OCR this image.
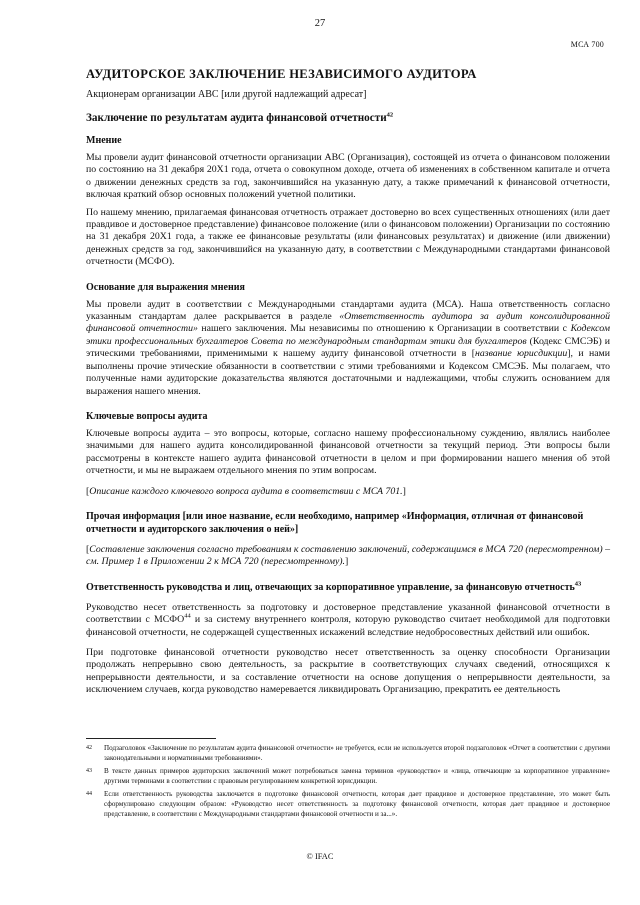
27
МСА 700
АУДИТОРСКОЕ ЗАКЛЮЧЕНИЕ НЕЗАВИСИМОГО АУДИТОРА
Акционерам организации АВС [или другой надлежащий адресат]
Заключение по результатам аудита финансовой отчетности$^{42}$
Мнение

Мы провели аудит финансовой отчетности организации АВС (Организация), состоящей из отчета о финансовом положении по состоянию на 31 декабря 20Х1 года, отчета о совокупном доходе, отчета об изменениях в собственном капитале и отчета о движении денежных средств за год, закончившийся на указанную дату, а также примечаний к финансовой отчетности, включая краткий обзор основных положений учетной политики.

По нашему мнению, прилагаемая финансовая отчетность отражает достоверно во всех существенных отношениях (или дает правдивое и достоверное представление) финансовое положение (или о финансовом положении) Организации по состоянию на 31 декабря 20Х1 года, а также ее финансовые результаты (или финансовых результатах) и движение (или движении) денежных средств за год, закончившийся на указанную дату, в соответствии с Международными стандартами финансовой отчетности (МСФО).

Основание для выражения мнения

Мы провели аудит в соответствии с Международными стандартами аудита (МСА). Наша ответственность согласно указанным стандартам далее раскрывается в разделе «Ответственность аудитора за аудит консолидированной финансовой отчетности» нашего заключения. Мы независимы по отношению к Организации в соответствии с Кодексом этики профессиональных бухгалтеров Совета по международным стандартам этики для бухгалтеров (Кодекс СМСЭБ) и этическими требованиями, применимыми к нашему аудиту финансовой отчетности в [название юрисдикции], и нами выполнены прочие этические обязанности в соответствии с этими требованиями и Кодексом СМСЭБ. Мы полагаем, что полученные нами аудиторские доказательства являются достаточными и надлежащими, чтобы служить основанием для выражения нашего мнения.

Ключевые вопросы аудита

Ключевые вопросы аудита – это вопросы, которые, согласно нашему профессиональному суждению, являлись наиболее значимыми для нашего аудита консолидированной финансовой отчетности за текущий период. Эти вопросы были рассмотрены в контексте нашего аудита финансовой отчетности в целом и при формировании нашего мнения об этой отчетности, и мы не выражаем отдельного мнения по этим вопросам.

[Описание каждого ключевого вопроса аудита в соответствии с МСА 701.]

Прочая информация [или иное название, если необходимо, например «Информация, отличная от финансовой отчетности и аудиторского заключения о ней»]

[Составление заключения согласно требованиям к составлению заключений, содержащимся в МСА 720 (пересмотренном) – см. Пример 1 в Приложении 2 к МСА 720 (пересмотренному).]

Ответственность руководства и лиц, отвечающих за корпоративное управление, за финансовую отчетность$^{43}$

Руководство несет ответственность за подготовку и достоверное представление указанной финансовой отчетности в соответствии с МСФО$^{44}$ и за систему внутреннего контроля, которую руководство считает необходимой для подготовки финансовой отчетности, не содержащей существенных искажений вследствие недобросовестных действий или ошибок.

При подготовке финансовой отчетности руководство несет ответственность за оценку способности Организации продолжать непрерывно свою деятельность, за раскрытие в соответствующих случаях сведений, относящихся к непрерывности деятельности, и за составление отчетности на основе допущения о непрерывности деятельности, за исключением случаев, когда руководство намеревается ликвидировать Организацию, прекратить ее деятельность

42	Подзаголовок «Заключение по результатам аудита финансовой отчетности» не требуется, если не используется второй подзаголовок «Отчет в соответствии с другими законодательными и нормативными требованиями».
43	В тексте данных примеров аудиторских заключений может потребоваться замена терминов «руководство» и «лица, отвечающие за корпоративное управление» другими терминами в соответствии с правовым регулированием конкретной юрисдикции.
44	Если ответственность руководства заключается в подготовке финансовой отчетности, которая дает правдивое и достоверное представление, это может быть сформулировано следующим образом: «Руководство несет ответственность за подготовку финансовой отчетности, которая дает правдивое и достоверное представление, в соответствии с Международными стандартами финансовой отчетности и за...».
© IFAC
